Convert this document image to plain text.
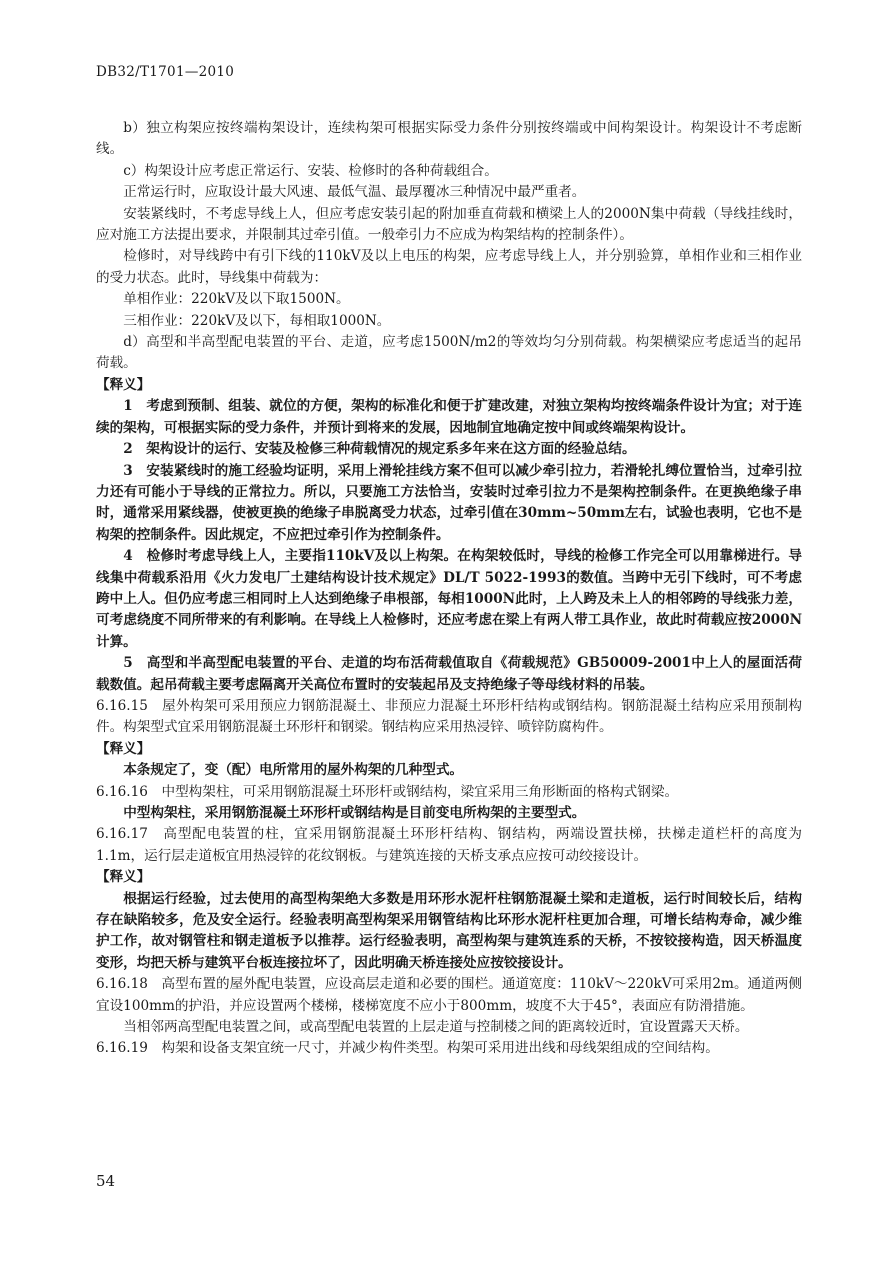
DB32/T1701—2010

b）独立构架应按终端构架设计，连续构架可根据实际受力条件分别按终端或中间构架设计。构架设计不考虑断线。

c）构架设计应考虑正常运行、安装、检修时的各种荷载组合。

正常运行时，应取设计最大风速、最低气温、最厚覆冰三种情况中最严重者。

安装紧线时，不考虑导线上人，但应考虑安装引起的附加垂直荷载和横梁上人的2000N集中荷载（导线挂线时，应对施工方法提出要求，并限制其过牵引值。一般牵引力不应成为构架结构的控制条件）。

检修时，对导线跨中有引下线的110kV及以上电压的构架，应考虑导线上人，并分别验算，单相作业和三相作业的受力状态。此时，导线集中荷载为：

单相作业：220kV及以下取1500N。

三相作业：220kV及以下，每相取1000N。

d）高型和半高型配电装置的平台、走道，应考虑1500N/m2的等效均匀分别荷载。构架横梁应考虑适当的起吊荷载。

【释义】

1　考虑到预制、组装、就位的方便，架构的标准化和便于扩建改建，对独立架构均按终端条件设计为宜；对于连续的架构，可根据实际的受力条件，并预计到将来的发展，因地制宜地确定按中间或终端架构设计。

2　架构设计的运行、安装及检修三种荷载情况的规定系多年来在这方面的经验总结。

3　安装紧线时的施工经验均证明，采用上滑轮挂线方案不但可以减少牵引拉力，若滑轮扎缚位置恰当，过牵引拉力还有可能小于导线的正常拉力。所以，只要施工方法恰当，安装时过牵引拉力不是架构控制条件。在更换绝缘子串时，通常采用紧线器，使被更换的绝缘子串脱离受力状态，过牵引值在30mm~50mm左右，试验也表明，它也不是构架的控制条件。因此规定，不应把过牵引作为控制条件。

4　检修时考虑导线上人，主要指110kV及以上构架。在构架较低时，导线的检修工作完全可以用靠梯进行。导线集中荷载系沿用《火力发电厂土建结构设计技术规定》DL/T 5022-1993的数值。当跨中无引下线时，可不考虑跨中上人。但仍应考虑三相同时上人达到绝缘子串根部，每相1000N此时，上人跨及未上人的相邻跨的导线张力差，可考虑绕度不同所带来的有利影响。在导线上人检修时，还应考虑在梁上有两人带工具作业，故此时荷载应按2000N计算。

5　高型和半高型配电装置的平台、走道的均布活荷载值取自《荷载规范》GB50009-2001中上人的屋面活荷载数值。起吊荷载主要考虑隔离开关高位布置时的安装起吊及支持绝缘子等母线材料的吊装。

6.16.15　屋外构架可采用预应力钢筋混凝土、非预应力混凝土环形杆结构或钢结构。钢筋混凝土结构应采用预制构件。构架型式宜采用钢筋混凝土环形杆和钢梁。钢结构应采用热浸锌、喷锌防腐构件。

【释义】

本条规定了，变（配）电所常用的屋外构架的几种型式。

6.16.16　中型构架柱，可采用钢筋混凝土环形杆或钢结构，梁宜采用三角形断面的格构式钢梁。

中型构架柱，采用钢筋混凝土环形杆或钢结构是目前变电所构架的主要型式。

6.16.17　高型配电装置的柱，宜采用钢筋混凝土环形杆结构、钢结构，两端设置扶梯，扶梯走道栏杆的高度为1.1m，运行层走道板宜用热浸锌的花纹钢板。与建筑连接的天桥支承点应按可动绞接设计。

【释义】

根据运行经验，过去使用的高型构架绝大多数是用环形水泥杆柱钢筋混凝土梁和走道板，运行时间较长后，结构存在缺陷较多，危及安全运行。经验表明高型构架采用钢管结构比环形水泥杆柱更加合理，可增长结构寿命，减少维护工作，故对钢管柱和钢走道板予以推荐。运行经验表明，高型构架与建筑连系的天桥，不按铰接构造，因天桥温度变形，均把天桥与建筑平台板连接拉坏了，因此明确天桥连接处应按铰接设计。

6.16.18　高型布置的屋外配电装置，应设高层走道和必要的围栏。通道宽度：110kV～220kV可采用2m。通道两侧宜设100mm的护沿，并应设置两个楼梯，楼梯宽度不应小于800mm，坡度不大于45°，表面应有防滑措施。

当相邻两高型配电装置之间，或高型配电装置的上层走道与控制楼之间的距离较近时，宜设置露天天桥。

6.16.19　构架和设备支架宜统一尺寸，并减少构件类型。构架可采用进出线和母线架组成的空间结构。

54
